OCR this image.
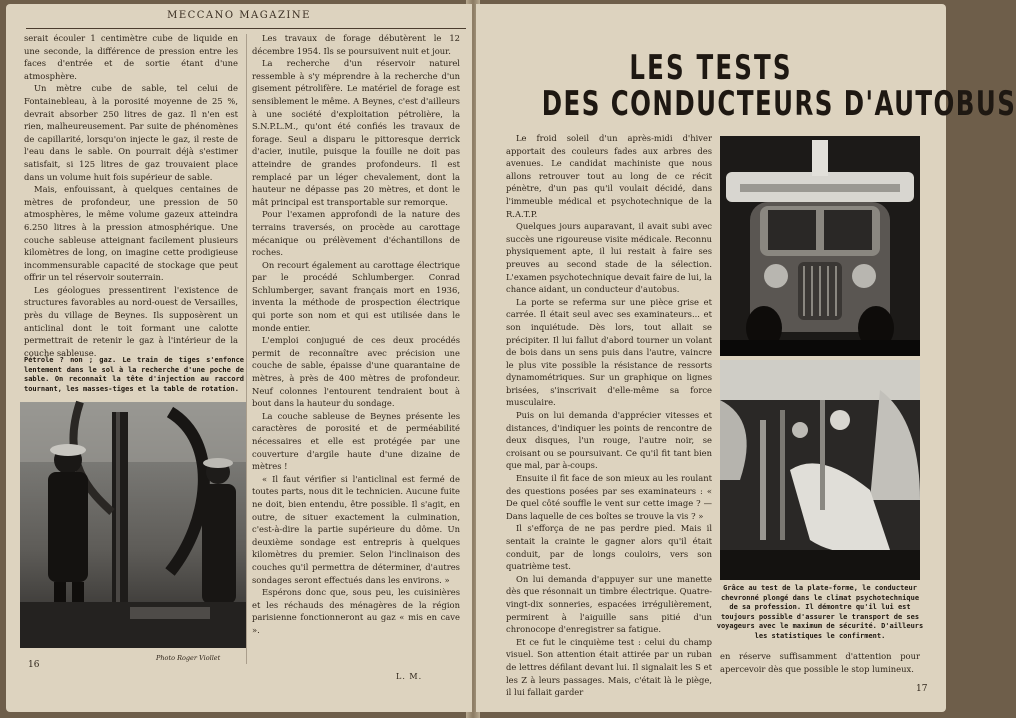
MECCANO MAGAZINE

serait écouler 1 centimètre cube de liquide en une seconde, la différence de pression entre les faces d'entrée et de sortie étant d'une atmosphère.

Un mètre cube de sable, tel celui de Fontainebleau, à la porosité moyenne de 25 %, devrait absorber 250 litres de gaz. Il n'en est rien, malheureusement. Par suite de phénomènes de capillarité, lorsqu'on injecte le gaz, il reste de l'eau dans le sable. On pourrait déjà s'estimer satisfait, si 125 litres de gaz trouvaient place dans un volume huit fois supérieur de sable.

Mais, enfouissant, à quelques centaines de mètres de profondeur, une pression de 50 atmosphères, le même volume gazeux atteindra 6.250 litres à la pression atmosphérique. Une couche sableuse atteignant facilement plusieurs kilomètres de long, on imagine cette prodigieuse incommensurable capacité de stockage que peut offrir un tel réservoir souterrain.

Les géologues pressentirent l'existence de structures favorables au nord-ouest de Versailles, près du village de Beynes. Ils supposèrent un anticlinal dont le toit formant une calotte permettrait de retenir le gaz à l'intérieur de la couche sableuse.

Les travaux de forage débutèrent le 12 décembre 1954. Ils se poursuivent nuit et jour.

La recherche d'un réservoir naturel ressemble à s'y méprendre à la recherche d'un gisement pétrolifère. Le matériel de forage est sensiblement le même. A Beynes, c'est d'ailleurs à une société d'exploitation pétrolière, la S.N.P.L.M., qu'ont été confiés les travaux de forage. Seul a disparu le pittoresque derrick d'acier, inutile, puisque la fouille ne doit pas atteindre de grandes profondeurs. Il est remplacé par un léger chevalement, dont la hauteur ne dépasse pas 20 mètres, et dont le mât principal est transportable sur remorque.

Pour l'examen approfondi de la nature des terrains traversés, on procède au carottage mécanique ou prélèvement d'échantillons de roches.

On recourt également au carottage électrique par le procédé Schlumberger. Conrad Schlumberger, savant français mort en 1936, inventa la méthode de prospection électrique qui porte son nom et qui est utilisée dans le monde entier.

L'emploi conjugué de ces deux procédés permit de reconnaître avec précision une couche de sable, épaisse d'une quarantaine de mètres, à près de 400 mètres de profondeur. Neuf colonnes l'entourent tendraient bout à bout dans la hauteur du sondage.

La couche sableuse de Beynes présente les caractères de porosité et de perméabilité nécessaires et elle est protégée par une couverture d'argile haute d'une dizaine de mètres !

« Il faut vérifier si l'anticlinal est fermé de toutes parts, nous dit le technicien. Aucune fuite ne doit, bien entendu, être possible. Il s'agit, en outre, de situer exactement la culmination, c'est-à-dire la partie supérieure du dôme. Un deuxième sondage est entrepris à quelques kilomètres du premier. Selon l'inclinaison des couches qu'il permettra de déterminer, d'autres sondages seront effectués dans les environs. »

Espérons donc que, sous peu, les cuisinières et les réchauds des ménagères de la région parisienne fonctionneront au gaz « mis en cave ».

Pétrole ? non ; gaz. Le train de tiges s'enfonce lentement dans le sol à la recherche d'une poche de sable. On reconnaît la tête d'injection au raccord tournant, les masses-tiges et la table de rotation.
Photo Roger Viollet
16
L. M.
LES TESTS
DES CONDUCTEURS D'AUTOBUS

Le froid soleil d'un après-midi d'hiver apportait des couleurs fades aux arbres des avenues. Le candidat machiniste que nous allons retrouver tout au long de ce récit pénètre, d'un pas qu'il voulait décidé, dans l'immeuble médical et psychotechnique de la R.A.T.P.

Quelques jours auparavant, il avait subi avec succès une rigoureuse visite médicale. Reconnu physiquement apte, il lui restait à faire ses preuves au second stade de la sélection. L'examen psychotechnique devait faire de lui, la chance aidant, un conducteur d'autobus.

La porte se referma sur une pièce grise et carrée. Il était seul avec ses examinateurs... et son inquiétude. Dès lors, tout allait se précipiter. Il lui fallut d'abord tourner un volant de bois dans un sens puis dans l'autre, vaincre le plus vite possible la résistance de ressorts dynamométriques. Sur un graphique on lignes brisées, s'inscrivait d'elle-même sa force musculaire.

Puis on lui demanda d'apprécier vitesses et distances, d'indiquer les points de rencontre de deux disques, l'un rouge, l'autre noir, se croisant ou se poursuivant. Ce qu'il fit tant bien que mal, par à-coups.

Ensuite il fit face de son mieux au les roulant des questions posées par ses examinateurs : « De quel côté souffle le vent sur cette image ? — Dans laquelle de ces boîtes se trouve la vis ? »

Il s'efforça de ne pas perdre pied. Mais il sentait la crainte le gagner alors qu'il était conduit, par de longs couloirs, vers son quatrième test.

On lui demanda d'appuyer sur une manette dès que résonnait un timbre électrique. Quatre-vingt-dix sonneries, espacées irrégulièrement, permirent à l'aiguille sans pitié d'un chronocope d'enregistrer sa fatigue.

Et ce fut le cinquième test : celui du champ visuel. Son attention était attirée par un ruban de lettres défilant devant lui. Il signalait les S et les Z à leurs passages. Mais, c'était là le piège, il lui fallait garder

Grâce au test de la plate-forme, le conducteur chevronné plongé dans le climat psychotechnique de sa profession. Il démontre qu'il lui est toujours possible d'assurer le transport de ses voyageurs avec le maximum de sécurité. D'ailleurs les statistiques le confirment.

en réserve suffisamment d'attention pour apercevoir dès que possible le stop lumineux.

17
